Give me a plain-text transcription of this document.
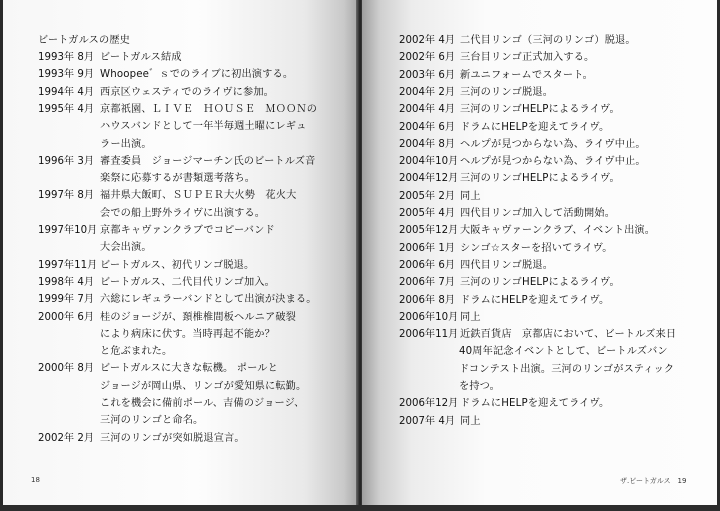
ビートガルスの歴史
18
1993年 8月 ビートガルス結成
1993年 9月 Whoopee゛ｓでのライブに初出演する。
1994年 4月 西京区ウェスティでのライヴに参加。
1995年 4月 京都祇園、ＬＩＶＥ　ＨＯＵＳＥ　ＭＯＯＮの
ハウスバンドとして一年半毎週土曜にレギュ
ラー出演。
1996年 3月 審査委員　ジョージマーチン氏のビートルズ音
楽祭に応募するが書類選考落ち。
1997年 8月 福井県大飯町、ＳＵＰＥＲ大火勢　花火大
会での船上野外ライヴに出演する。
1997年10月 京都キャヴァンクラブでコピーバンド
大会出演。
1997年11月 ビートガルス、初代リンゴ脱退。
1998年 4月 ビートガルス、二代目代リンゴ加入。
1999年 7月 六総にレギュラーバンドとして出演が決まる。
2000年 6月 桂のジョージが、頚椎椎間板ヘルニア破裂
により病床に伏す。当時再起不能か？
と危ぶまれた。
2000年 8月 ビートガルスに大きな転機。 ポールと
ジョージが岡山県、リンゴが愛知県に転勤。
これを機会に備前ポール、吉備のジョージ、
三河のリンゴと命名。
2002年 2月 三河のリンゴが突如脱退宣言。
ザ.ビートガルス　19
2002年 4月 二代目リンゴ（三河のリンゴ）脱退。
2002年 6月 三台目リンゴ正式加入する。
2003年 6月 新ユニフォームでスタート。
2004年 2月 三河のリンゴ脱退。
2004年 4月 三河のリンゴHELPによるライヴ。
2004年 6月 ドラムにHELPを迎えてライヴ。
2004年 8月 ヘルプが見つからない為、ライヴ中止。
2004年10月 ヘルプが見つからない為、ライヴ中止。
2004年12月 三河のリンゴHELPによるライヴ。
2005年 2月 同上
2005年 4月 四代目リンゴ加入して活動開始。
2005年12月 大阪キャヴァーンクラブ、イベント出演。
2006年 1月 シンゴ☆スターを招いてライヴ。
2006年 6月 四代目リンゴ脱退。
2006年 7月 三河のリンゴHELPによるライヴ。
2006年 8月 ドラムにHELPを迎えてライヴ。
2006年10月 同上
2006年11月 近鉄百貨店　京都店において、ビートルズ来日
40周年記念イベントとして、ビートルズバン
ドコンテスト出演。三河のリンゴがスティック
を持つ。
2006年12月 ドラムにHELPを迎えてライヴ。
2007年 4月 同上
